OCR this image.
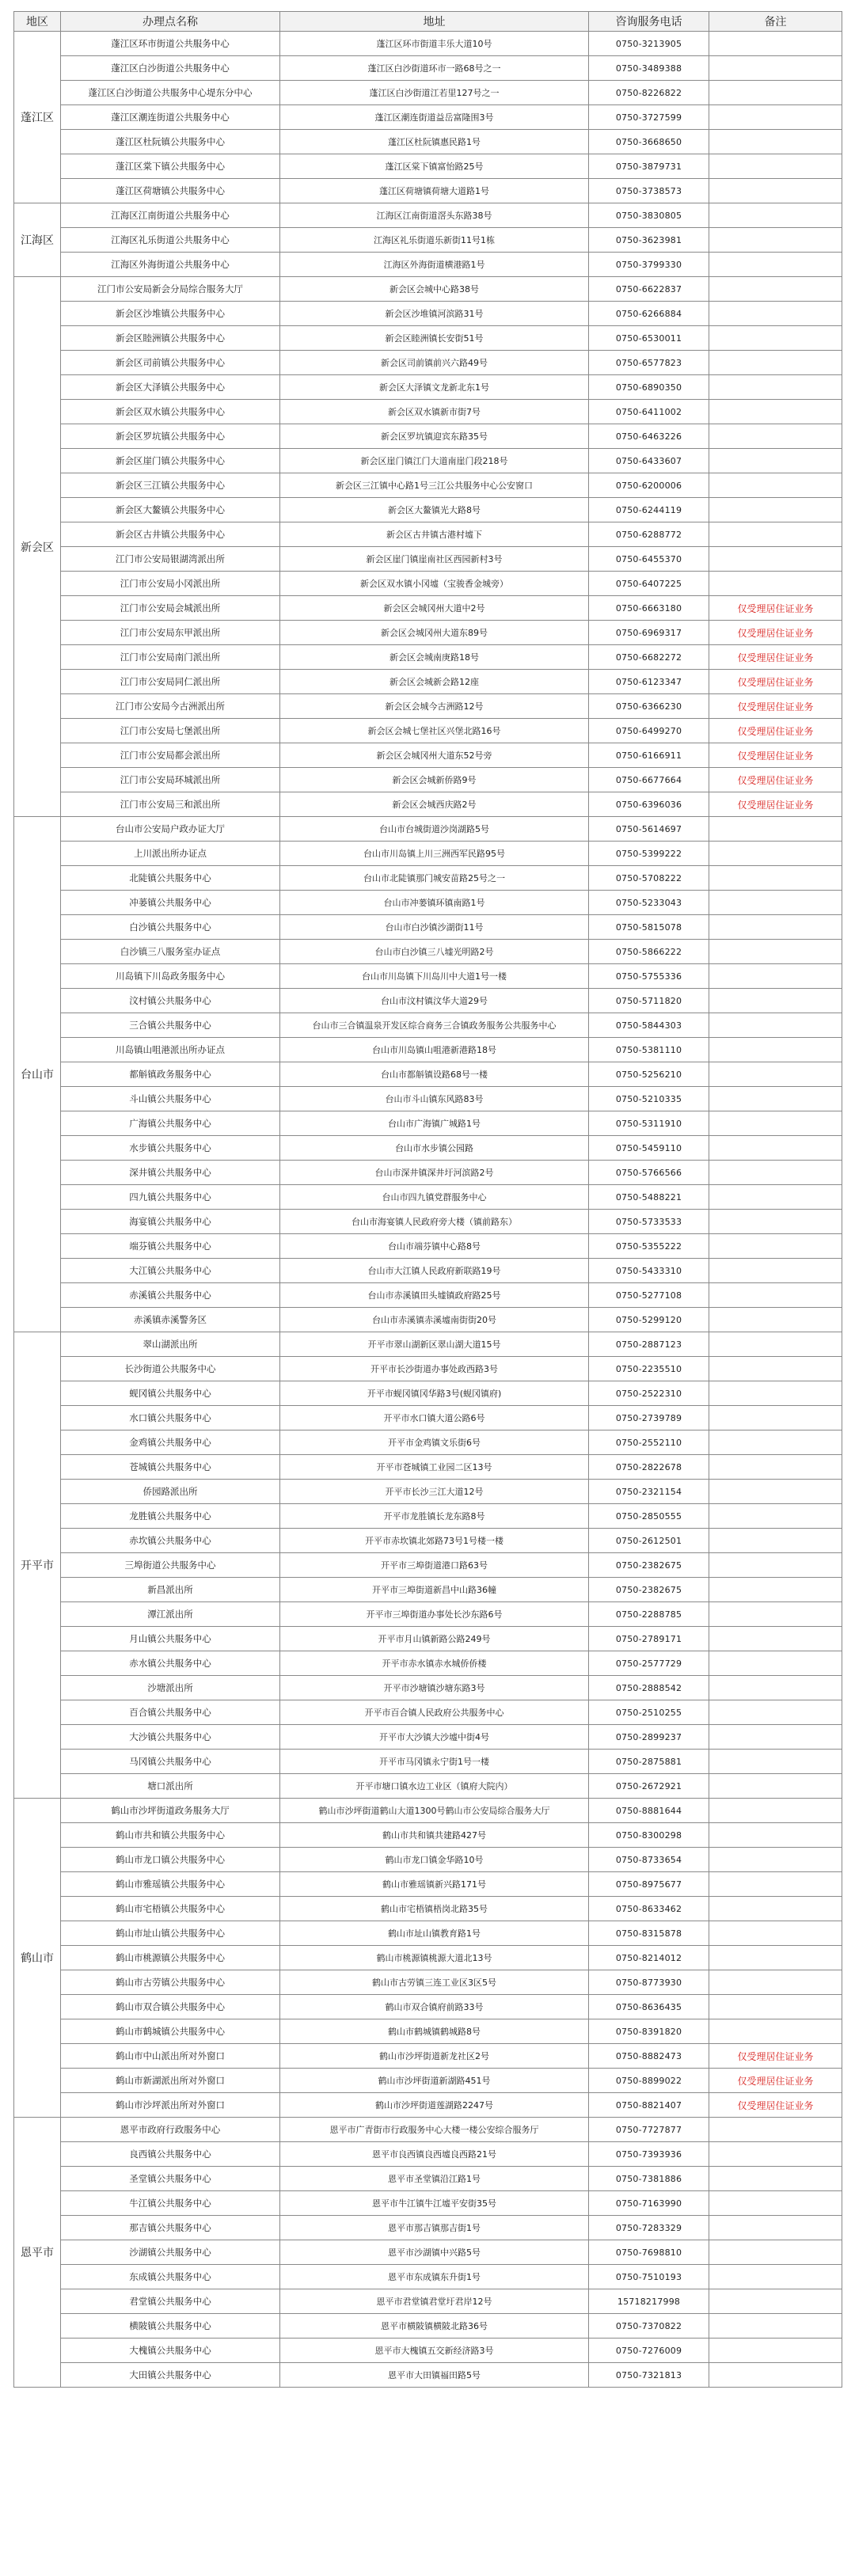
地区	办理点名称	地址	咨询服务电话	备注
蓬江区	蓬江区环市街道公共服务中心	蓬江区环市街道丰乐大道10号	0750-3213905	
	蓬江区白沙街道公共服务中心	蓬江区白沙街道环市一路68号之一	0750-3489388	
	蓬江区白沙街道公共服务中心堤东分中心	蓬江区白沙街道江若里127号之一	0750-8226822	
	蓬江区潮连街道公共服务中心	蓬江区潮连街道益岳富隆围3号	0750-3727599	
	蓬江区杜阮镇公共服务中心	蓬江区杜阮镇惠民路1号	0750-3668650	
	蓬江区棠下镇公共服务中心	蓬江区棠下镇富怡路25号	0750-3879731	
	蓬江区荷塘镇公共服务中心	蓬江区荷塘镇荷塘大道路1号	0750-3738573	
江海区	江海区江南街道公共服务中心	江海区江南街道滘头东路38号	0750-3830805	
	江海区礼乐街道公共服务中心	江海区礼乐街道乐新街11号1栋	0750-3623981	
	江海区外海街道公共服务中心	江海区外海街道横港路1号	0750-3799330	
新会区	江门市公安局新会分局综合服务大厅	新会区会城中心路38号	0750-6622837	
	新会区沙堆镇公共服务中心	新会区沙堆镇河滨路31号	0750-6266884	
	新会区睦洲镇公共服务中心	新会区睦洲镇长安街51号	0750-6530011	
	新会区司前镇公共服务中心	新会区司前镇前兴六路49号	0750-6577823	
	新会区大泽镇公共服务中心	新会区大泽镇文龙新北东1号	0750-6890350	
	新会区双水镇公共服务中心	新会区双水镇新市街7号	0750-6411002	
	新会区罗坑镇公共服务中心	新会区罗坑镇迎宾东路35号	0750-6463226	
	新会区崖门镇公共服务中心	新会区崖门镇江门大道南崖门段218号	0750-6433607	
	新会区三江镇公共服务中心	新会区三江镇中心路1号三江公共服务中心公安窗口	0750-6200006	
	新会区大鳌镇公共服务中心	新会区大鳌镇光大路8号	0750-6244119	
	新会区古井镇公共服务中心	新会区古井镇古港村墟下	0750-6288772	
	江门市公安局银湖湾派出所	新会区崖门镇崖南社区西园新村3号	0750-6455370	
	江门市公安局小冈派出所	新会区双水镇小冈墟（宝骏香金城旁）	0750-6407225	
	江门市公安局会城派出所	新会区会城冈州大道中2号	0750-6663180	仅受理居住证业务
	江门市公安局东甲派出所	新会区会城冈州大道东89号	0750-6969317	仅受理居住证业务
	江门市公安局南门派出所	新会区会城南庚路18号	0750-6682272	仅受理居住证业务
	江门市公安局同仁派出所	新会区会城新会路12座	0750-6123347	仅受理居住证业务
	江门市公安局今古洲派出所	新会区会城今古洲路12号	0750-6366230	仅受理居住证业务
	江门市公安局七堡派出所	新会区会城七堡社区兴堡北路16号	0750-6499270	仅受理居住证业务
	江门市公安局都会派出所	新会区会城冈州大道东52号旁	0750-6166911	仅受理居住证业务
	江门市公安局环城派出所	新会区会城新侨路9号	0750-6677664	仅受理居住证业务
	江门市公安局三和派出所	新会区会城西庆路2号	0750-6396036	仅受理居住证业务
台山市	台山市公安局户政办证大厅	台山市台城街道沙岗湖路5号	0750-5614697	
	上川派出所办证点	台山市川岛镇上川三洲西军民路95号	0750-5399222	
	北陡镇公共服务中心	台山市北陡镇那门城安苗路25号之一	0750-5708222	
	冲蒌镇公共服务中心	台山市冲蒌镇环镇南路1号	0750-5233043	
	白沙镇公共服务中心	台山市白沙镇沙湖街11号	0750-5815078	
	白沙镇三八服务室办证点	台山市白沙镇三八墟光明路2号	0750-5866222	
	川岛镇下川岛政务服务中心	台山市川岛镇下川岛川中大道1号一楼	0750-5755336	
	汶村镇公共服务中心	台山市汶村镇汶华大道29号	0750-5711820	
	三合镇公共服务中心	台山市三合镇温泉开发区综合商务三合镇政务服务公共服务中心	0750-5844303	
	川岛镇山咀港派出所办证点	台山市川岛镇山咀港新港路18号	0750-5381110	
	都斛镇政务服务中心	台山市都斛镇设路68号一楼	0750-5256210	
	斗山镇公共服务中心	台山市斗山镇东风路83号	0750-5210335	
	广海镇公共服务中心	台山市广海镇广城路1号	0750-5311910	
	水步镇公共服务中心	台山市水步镇公园路	0750-5459110	
	深井镇公共服务中心	台山市深井镇深井圩河滨路2号	0750-5766566	
	四九镇公共服务中心	台山市四九镇党群服务中心	0750-5488221	
	海宴镇公共服务中心	台山市海宴镇人民政府旁大楼（镇前路东）	0750-5733533	
	端芬镇公共服务中心	台山市端芬镇中心路8号	0750-5355222	
	大江镇公共服务中心	台山市大江镇人民政府新联路19号	0750-5433310	
	赤溪镇公共服务中心	台山市赤溪镇田头墟镇政府路25号	0750-5277108	
	赤溪镇赤溪警务区	台山市赤溪镇赤溪墟南街街20号	0750-5299120	
开平市	翠山湖派出所	开平市翠山湖新区翠山湖大道15号	0750-2887123	
	长沙街道公共服务中心	开平市长沙街道办事处政西路3号	0750-2235510	
	蚬冈镇公共服务中心	开平市蚬冈镇冈华路3号(蚬冈镇府)	0750-2522310	
	水口镇公共服务中心	开平市水口镇大道公路6号	0750-2739789	
	金鸡镇公共服务中心	开平市金鸡镇文乐街6号	0750-2552110	
	苍城镇公共服务中心	开平市苍城镇工业园二区13号	0750-2822678	
	侨园路派出所	开平市长沙三江大道12号	0750-2321154	
	龙胜镇公共服务中心	开平市龙胜镇长龙东路8号	0750-2850555	
	赤坎镇公共服务中心	开平市赤坎镇北郊路73号1号楼一楼	0750-2612501	
	三埠街道公共服务中心	开平市三埠街道港口路63号	0750-2382675	
	新昌派出所	开平市三埠街道新昌中山路36幢	0750-2382675	
	潭江派出所	开平市三埠街道办事处长沙东路6号	0750-2288785	
	月山镇公共服务中心	开平市月山镇新路公路249号	0750-2789171	
	赤水镇公共服务中心	开平市赤水镇赤水城侨侨楼	0750-2577729	
	沙塘派出所	开平市沙塘镇沙塘东路3号	0750-2888542	
	百合镇公共服务中心	开平市百合镇人民政府公共服务中心	0750-2510255	
	大沙镇公共服务中心	开平市大沙镇大沙墟中街4号	0750-2899237	
	马冈镇公共服务中心	开平市马冈镇永宁街1号一楼	0750-2875881	
	塘口派出所	开平市塘口镇水边工业区（镇府大院内）	0750-2672921	
鹤山市	鹤山市沙坪街道政务服务大厅	鹤山市沙坪街道鹤山大道1300号鹤山市公安局综合服务大厅	0750-8881644	
	鹤山市共和镇公共服务中心	鹤山市共和镇共建路427号	0750-8300298	
	鹤山市龙口镇公共服务中心	鹤山市龙口镇金华路10号	0750-8733654	
	鹤山市雅瑶镇公共服务中心	鹤山市雅瑶镇新兴路171号	0750-8975677	
	鹤山市宅梧镇公共服务中心	鹤山市宅梧镇梧岗北路35号	0750-8633462	
	鹤山市址山镇公共服务中心	鹤山市址山镇教育路1号	0750-8315878	
	鹤山市桃源镇公共服务中心	鹤山市桃源镇桃源大道北13号	0750-8214012	
	鹤山市古劳镇公共服务中心	鹤山市古劳镇三连工业区3区5号	0750-8773930	
	鹤山市双合镇公共服务中心	鹤山市双合镇府前路33号	0750-8636435	
	鹤山市鹤城镇公共服务中心	鹤山市鹤城镇鹤城路8号	0750-8391820	
	鹤山市中山派出所对外窗口	鹤山市沙坪街道新龙社区2号	0750-8882473	仅受理居住证业务
	鹤山市新湖派出所对外窗口	鹤山市沙坪街道新湖路451号	0750-8899022	仅受理居住证业务
	鹤山市沙坪派出所对外窗口	鹤山市沙坪街道莲湖路2247号	0750-8821407	仅受理居住证业务
恩平市	恩平市政府行政服务中心	恩平市广青街市行政服务中心大楼一楼公安综合服务厅	0750-7727877	
	良西镇公共服务中心	恩平市良西镇良西墟良西路21号	0750-7393936	
	圣堂镇公共服务中心	恩平市圣堂镇沿江路1号	0750-7381886	
	牛江镇公共服务中心	恩平市牛江镇牛江墟平安街35号	0750-7163990	
	那吉镇公共服务中心	恩平市那吉镇那吉街1号	0750-7283329	
	沙湖镇公共服务中心	恩平市沙湖镇中兴路5号	0750-7698810	
	东成镇公共服务中心	恩平市东成镇东升街1号	0750-7510193	
	君堂镇公共服务中心	恩平市君堂镇君堂圩君岸12号	15718217998	
	横陂镇公共服务中心	恩平市横陂镇横陂北路36号	0750-7370822	
	大槐镇公共服务中心	恩平市大槐镇五交新经济路3号	0750-7276009	
	大田镇公共服务中心	恩平市大田镇福田路5号	0750-7321813	
